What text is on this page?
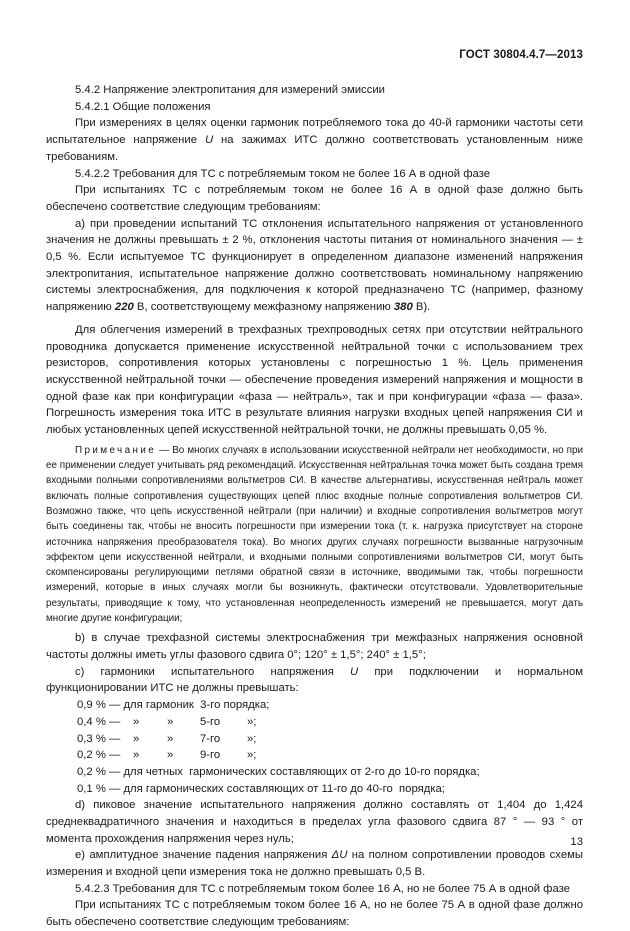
ГОСТ 30804.4.7—2013

5.4.2 Напряжение электропитания для измерений эмиссии

5.4.2.1 Общие положения

При измерениях в целях оценки гармоник потребляемого тока до 40-й гармоники частоты сети испытательное напряжение U на зажимах ИТС должно соответствовать установленным ниже требованиям.

5.4.2.2 Требования для ТС с потребляемым током не более 16 А в одной фазе

При испытаниях ТС с потребляемым током не более 16 А в одной фазе должно быть обеспечено соответствие следующим требованиям:

а) при проведении испытаний ТС отклонения испытательного напряжения от установленного значения не должны превышать ± 2 %, отклонения частоты питания от номинального значения — ± 0,5 %. Если испытуемое ТС функционирует в определенном диапазоне изменений напряжения электропитания, испытательное напряжение должно соответствовать номинальному напряжению системы электроснабжения, для подключения к которой предназначено ТС (например, фазному напряжению 220 В, соответствующему межфазному напряжению 380 В).

Для облегчения измерений в трехфазных трехпроводных сетях при отсутствии нейтрального проводника допускается применение искусственной нейтральной точки с использованием трех резисторов, сопротивления которых установлены с погрешностью 1 %. Цель применения искусственной нейтральной точки — обеспечение проведения измерений напряжения и мощности в одной фазе как при конфигурации «фаза — нейтраль», так и при конфигурации «фаза — фаза». Погрешность измерения тока ИТС в результате влияния нагрузки входных цепей напряжения СИ и любых установленных цепей искусственной нейтральной точки, не должны превышать 0,05 %.

Примечание — Во многих случаях в использовании искусственной нейтрали нет необходимости, но при ее применении следует учитывать ряд рекомендаций. Искусственная нейтральная точка может быть создана тремя входными полными сопротивлениями вольтметров СИ. В качестве альтернативы, искусственная нейтраль может включать полные сопротивления существующих цепей плюс входные полные сопротивления вольтметров СИ. Возможно также, что цепь искусственной нейтрали (при наличии) и входные сопротивления вольтметров могут быть соединены так, чтобы не вносить погрешности при измерении тока (т. к. нагрузка присутствует на стороне источника напряжения преобразователя тока). Во многих других случаях погрешности вызванные нагрузочным эффектом цепи искусственной нейтрали, и входными полными сопротивлениями вольтметров СИ, могут быть скомпенсированы регулирующими петлями обратной связи в источнике, вводимыми так, чтобы погрешности измерений, которые в иных случаях могли бы возникнуть, фактически отсутствовали. Удовлетворительные результаты, приводящие к тому, что установленная неопределенность измерений не превышается, могут дать многие другие конфигурации;

b) в случае трехфазной системы электроснабжения три межфазных напряжения основной частоты должны иметь углы фазового сдвига 0°; 120° ± 1,5°; 240° ± 1,5°;

с) гармоники испытательного напряжения U при подключении и нормальном функционировании ИТС не должны превышать:

0,9 % — для гармоник  3-го порядка;
0,4 % —	»	»	5-го	»;
0,3 % —	»	»	7-го	»;
0,2 % —	»	»	9-го	»;
0,2 % — для четных  гармонических составляющих от 2-го до 10-го порядка;
0,1 % — для гармонических составляющих от 11-го до 40-го  порядка;

d) пиковое значение испытательного напряжения должно составлять от 1,404 до 1,424 среднеквадратичного значения и находиться в пределах угла фазового сдвига 87 ° — 93 ° от момента прохождения напряжения через нуль;

е) амплитудное значение падения напряжения ΔU на полном сопротивлении проводов схемы измерения и входной цепи измерения тока не должно превышать 0,5 В.

5.4.2.3 Требования для ТС с потребляемым током более 16 А, но не более 75 А в одной фазе

При испытаниях ТС с потребляемым током более 16 А, но не более 75 А в одной фазе должно быть обеспечено соответствие следующим требованиям:

13
